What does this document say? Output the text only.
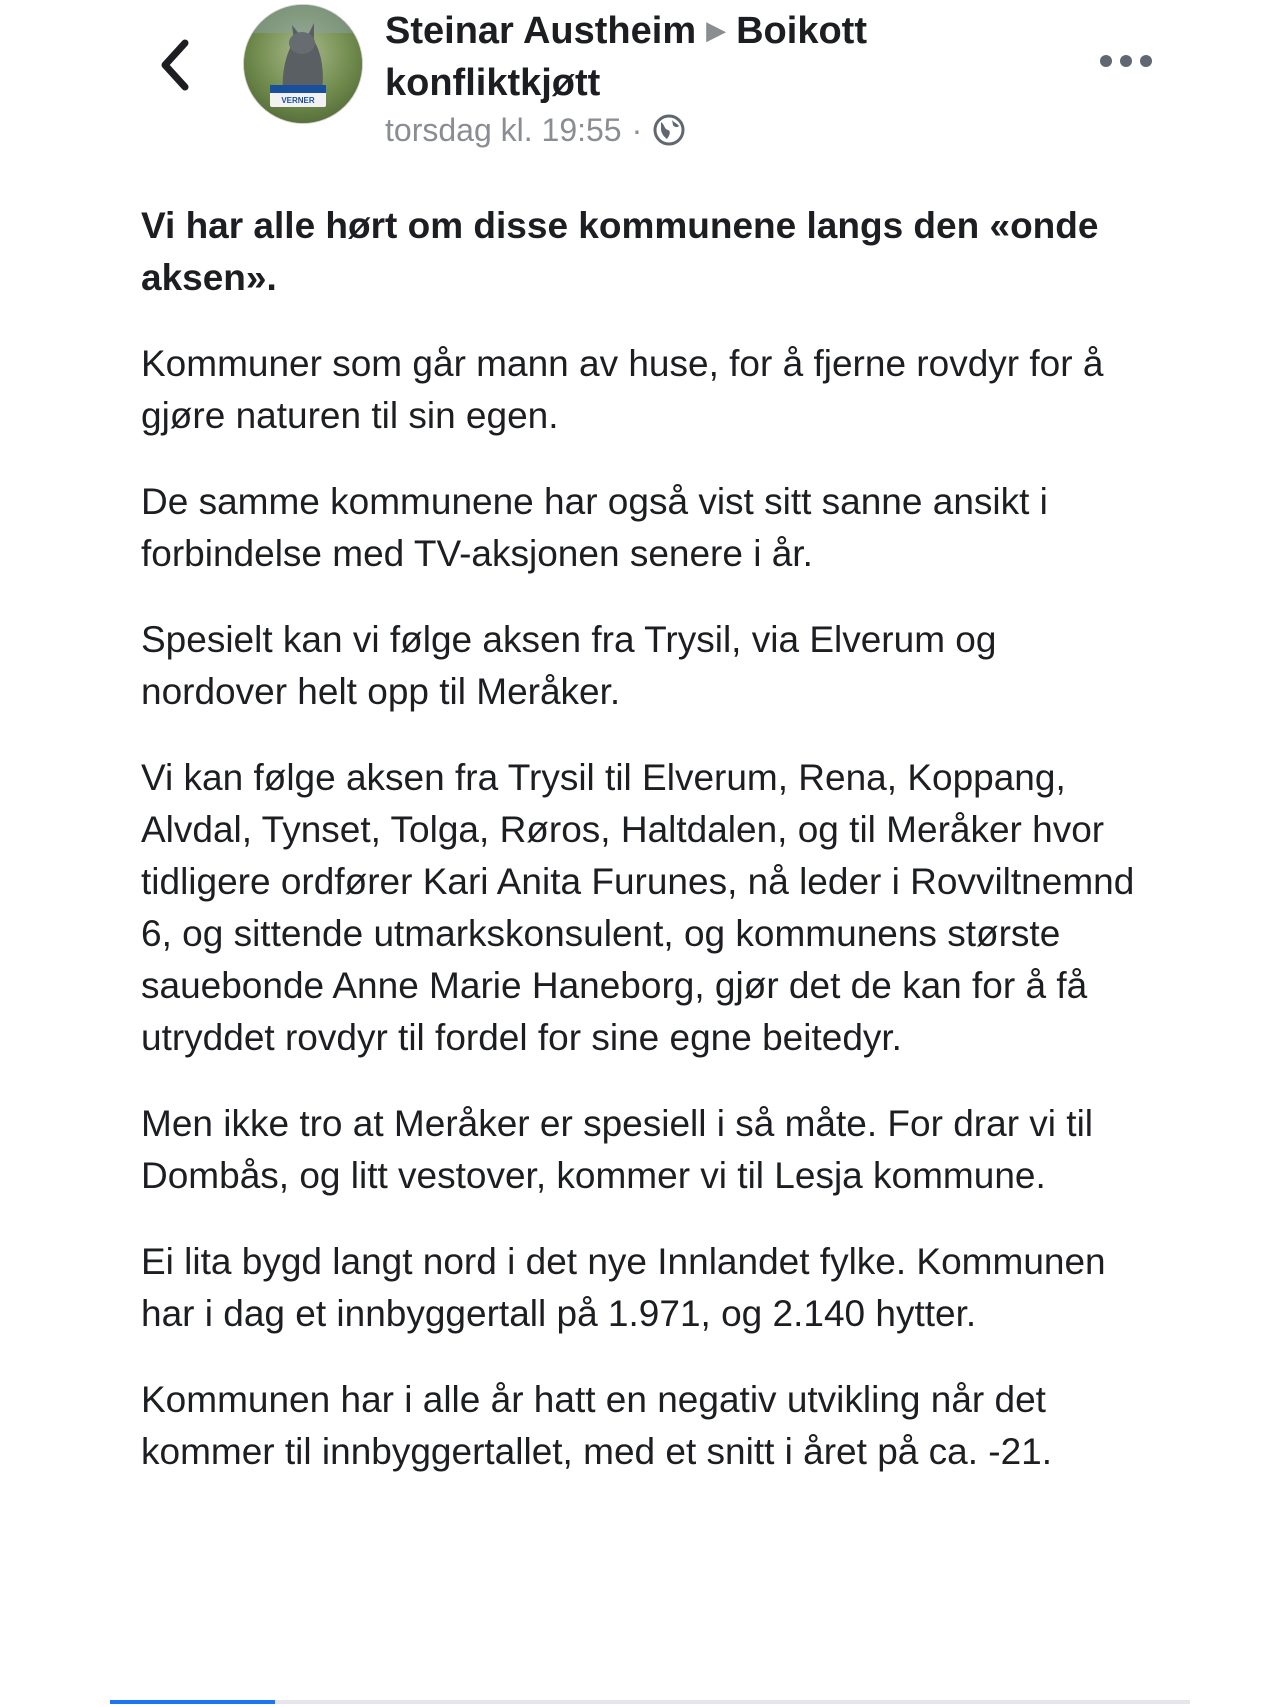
VERNER
Steinar Austheim ▶ Boikott konfliktkjøtt
torsdag kl. 19:55 ·

Vi har alle hørt om disse kommunene langs den «onde aksen».

Kommuner som går mann av huse, for å fjerne rovdyr for å gjøre naturen til sin egen.

De samme kommunene har også vist sitt sanne ansikt i forbindelse med TV-aksjonen senere i år.

Spesielt kan vi følge aksen fra Trysil, via Elverum og nordover helt opp til Meråker.

Vi kan følge aksen fra Trysil til Elverum, Rena, Koppang, Alvdal, Tynset, Tolga, Røros, Haltdalen, og til Meråker hvor tidligere ordfører Kari Anita Furunes, nå leder i Rovviltnemnd 6, og sittende utmarkskonsulent, og kommunens største sauebonde Anne Marie Haneborg, gjør det de kan for å få utryddet rovdyr til fordel for sine egne beitedyr.

Men ikke tro at Meråker er spesiell i så måte. For drar vi til Dombås, og litt vestover, kommer vi til Lesja kommune.

Ei lita bygd langt nord i det nye Innlandet fylke. Kommunen har i dag et innbyggertall på 1.971, og 2.140 hytter.

Kommunen har i alle år hatt en negativ utvikling når det kommer til innbyggertallet, med et snitt i året på ca. -21.
